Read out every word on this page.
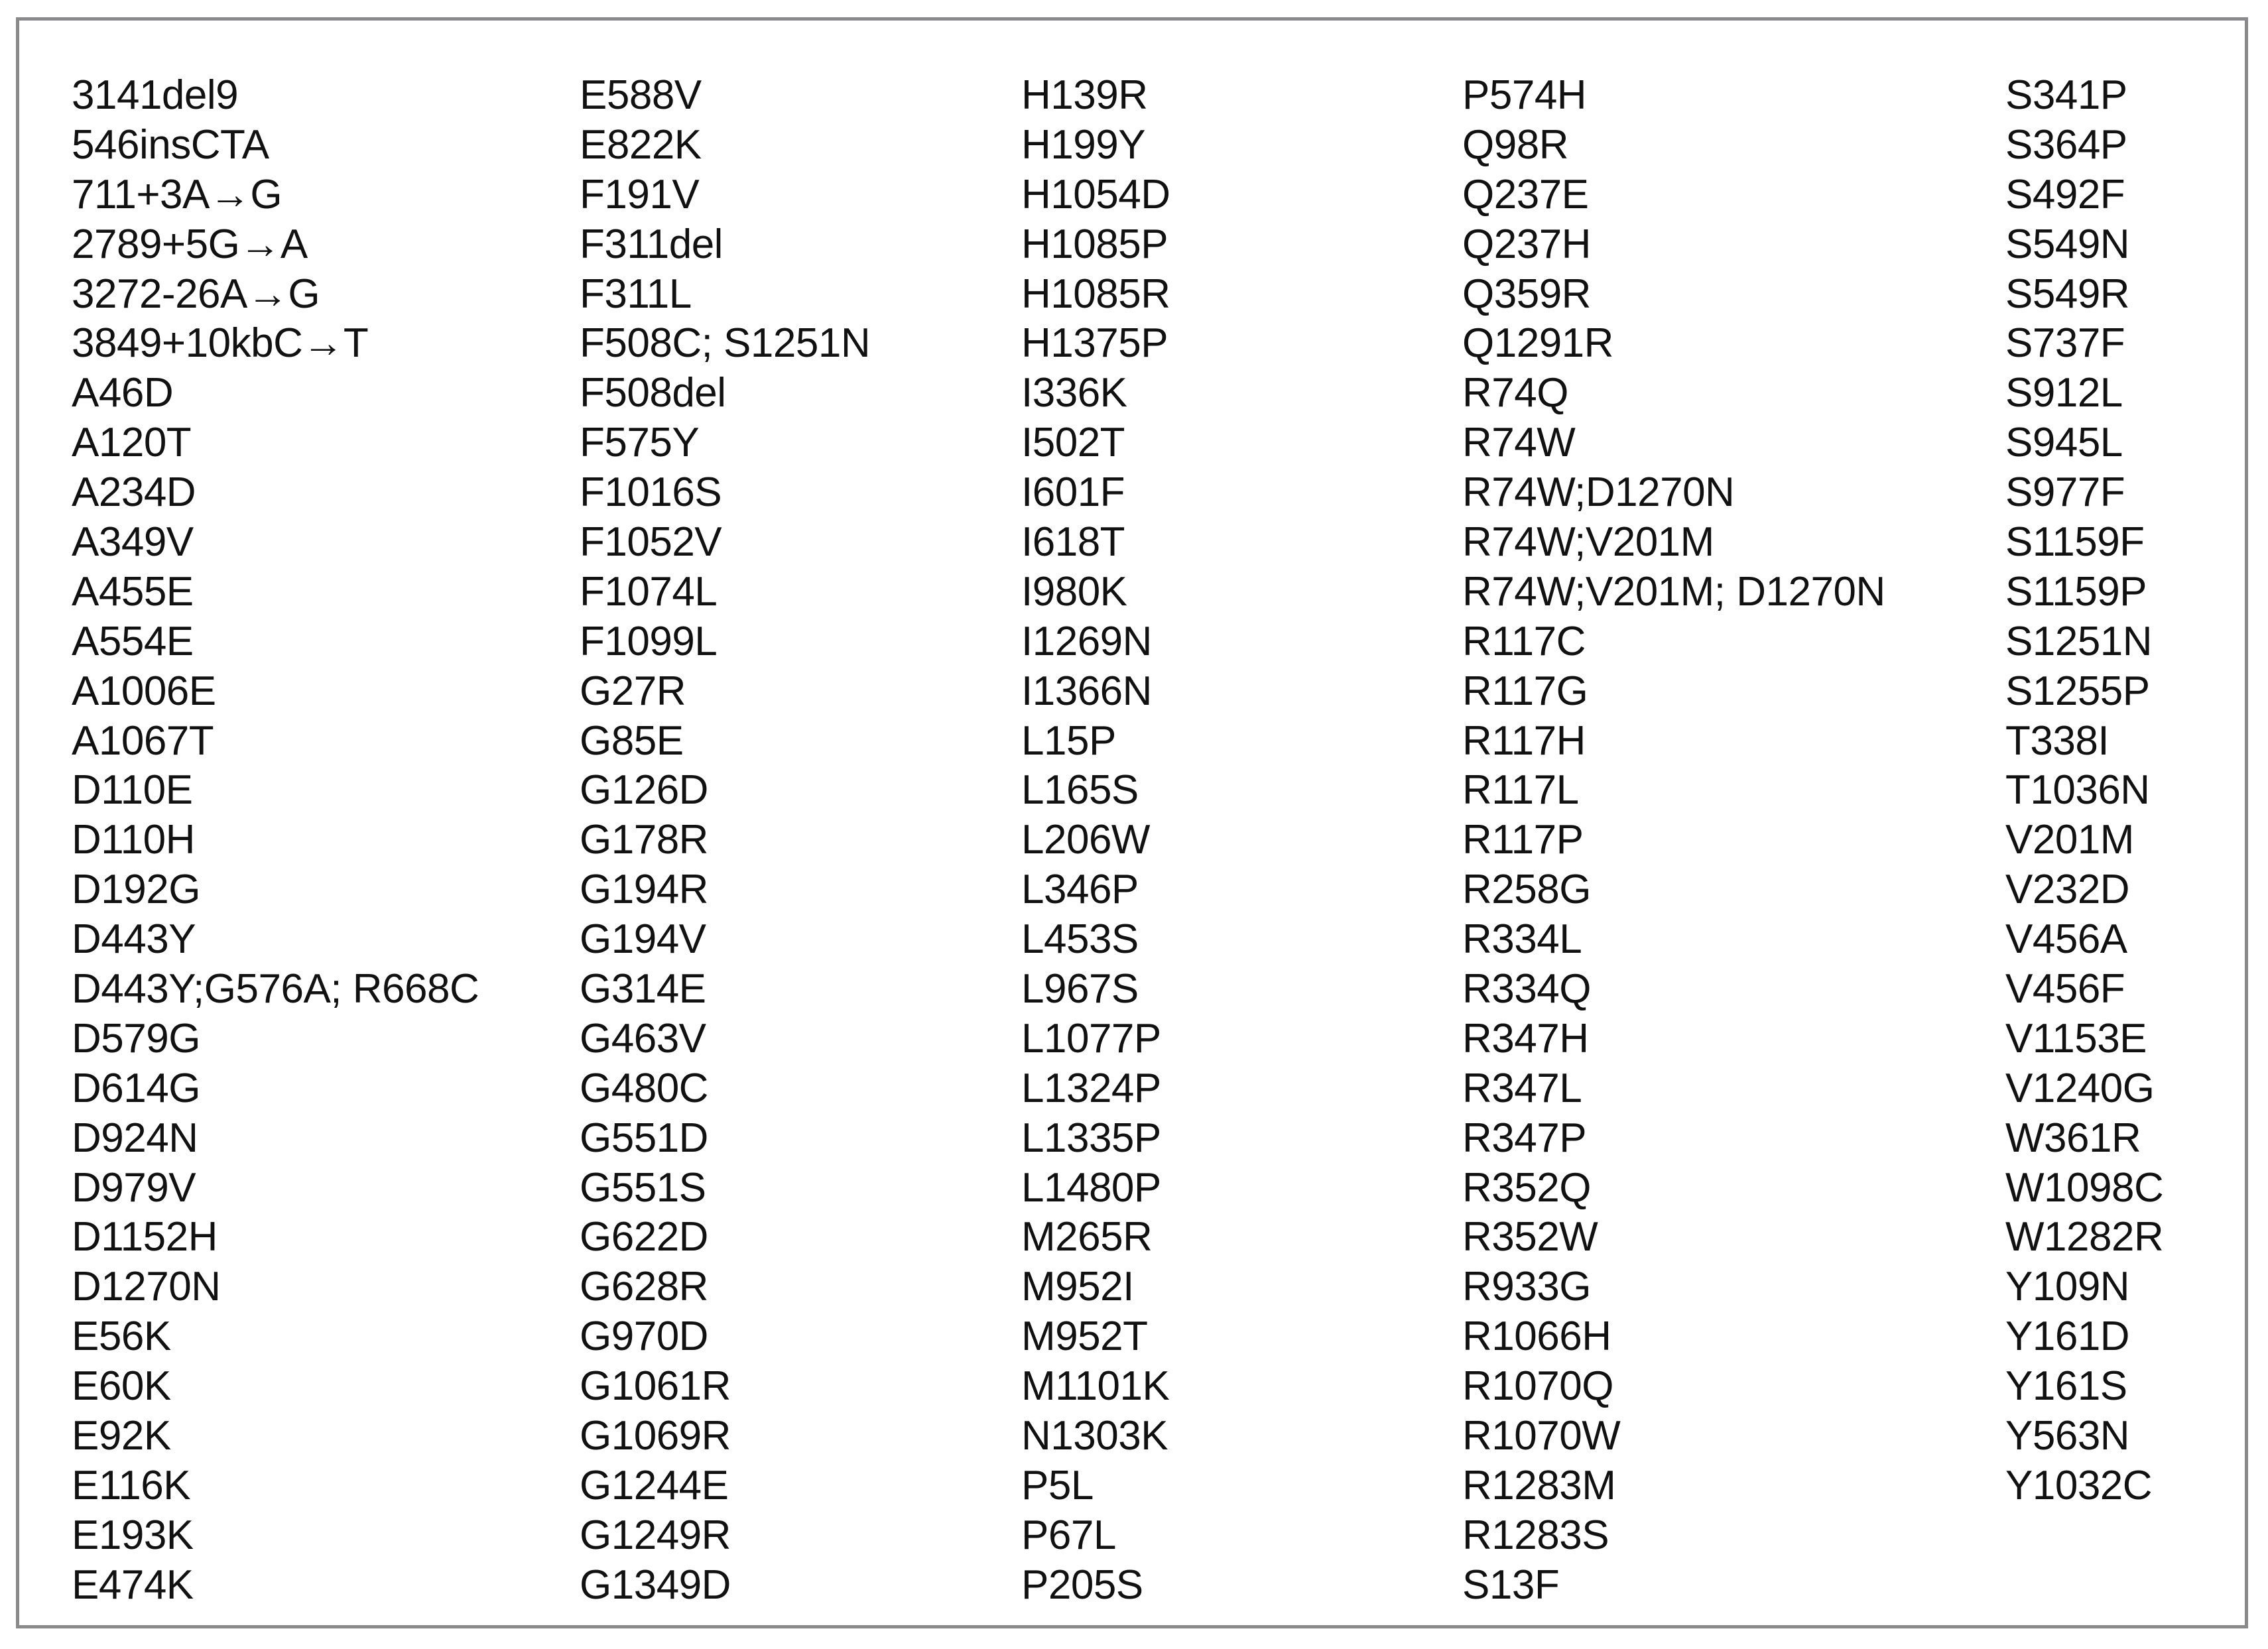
3141del9
546insCTA
711+3A→G
2789+5G→A
3272-26A→G
3849+10kbC→T
A46D
A120T
A234D
A349V
A455E
A554E
A1006E
A1067T
D110E
D110H
D192G
D443Y
D443Y;G576A; R668C
D579G
D614G
D924N
D979V
D1152H
D1270N
E56K
E60K
E92K
E116K
E193K
E474K
E588V
E822K
F191V
F311del
F311L
F508C; S1251N
F508del
F575Y
F1016S
F1052V
F1074L
F1099L
G27R
G85E
G126D
G178R
G194R
G194V
G314E
G463V
G480C
G551D
G551S
G622D
G628R
G970D
G1061R
G1069R
G1244E
G1249R
G1349D
H139R
H199Y
H1054D
H1085P
H1085R
H1375P
I336K
I502T
I601F
I618T
I980K
I1269N
I1366N
L15P
L165S
L206W
L346P
L453S
L967S
L1077P
L1324P
L1335P
L1480P
M265R
M952I
M952T
M1101K
N1303K
P5L
P67L
P205S
P574H
Q98R
Q237E
Q237H
Q359R
Q1291R
R74Q
R74W
R74W;D1270N
R74W;V201M
R74W;V201M; D1270N
R117C
R117G
R117H
R117L
R117P
R258G
R334L
R334Q
R347H
R347L
R347P
R352Q
R352W
R933G
R1066H
R1070Q
R1070W
R1283M
R1283S
S13F
S341P
S364P
S492F
S549N
S549R
S737F
S912L
S945L
S977F
S1159F
S1159P
S1251N
S1255P
T338I
T1036N
V201M
V232D
V456A
V456F
V1153E
V1240G
W361R
W1098C
W1282R
Y109N
Y161D
Y161S
Y563N
Y1032C
